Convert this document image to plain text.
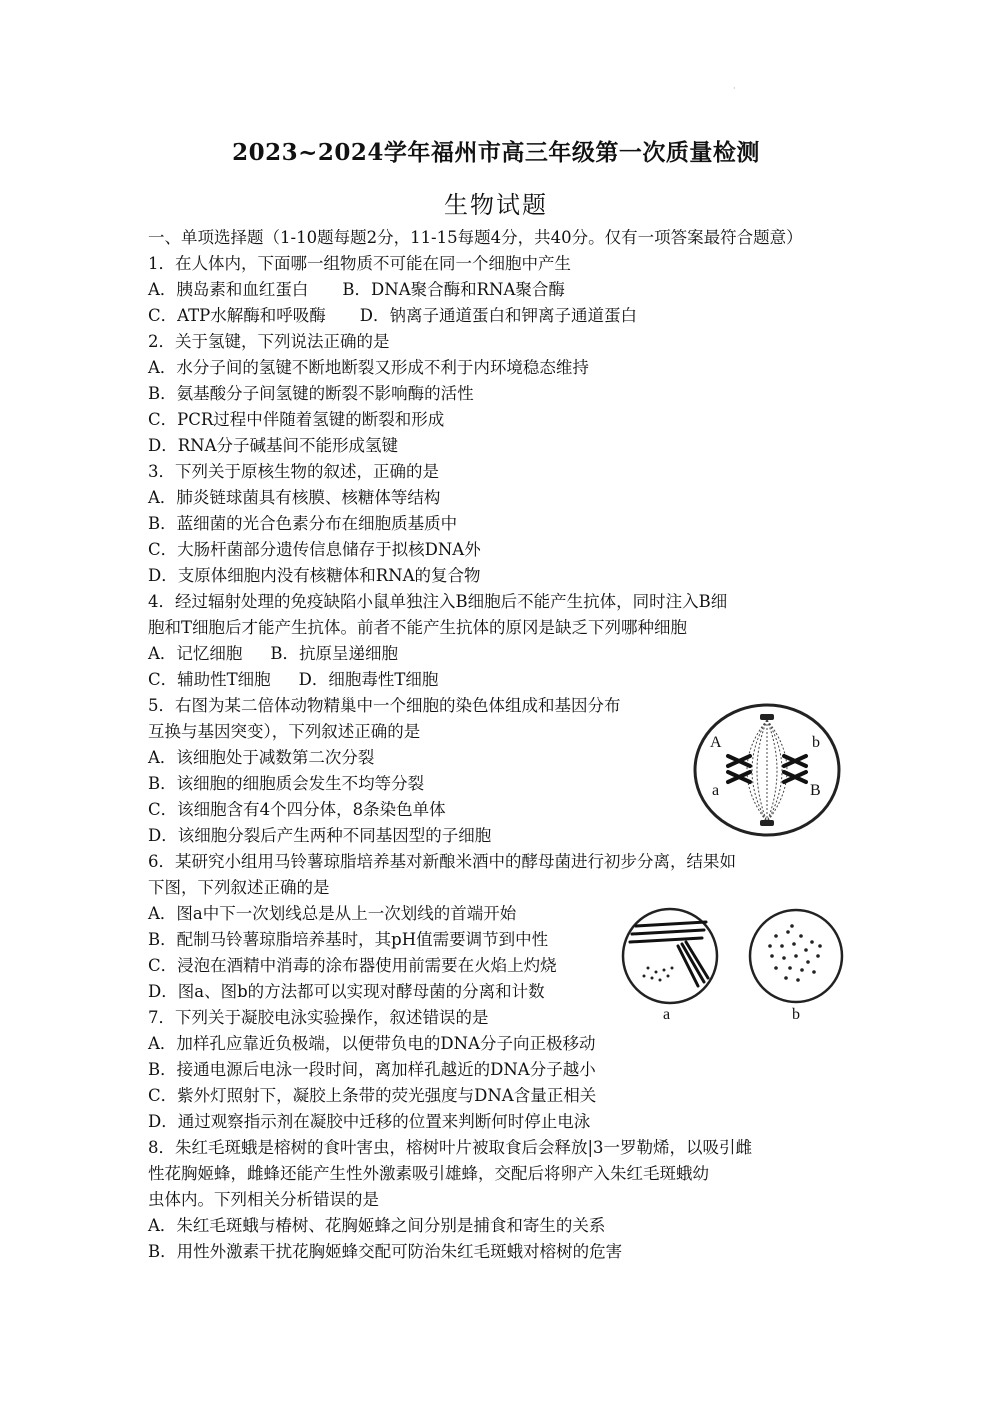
·
2023~2024学年福州市高三年级第一次质量检测
生物试题
一、单项选择题（1-10题每题2分，11-15每题4分，共40分。仅有一项答案最符合题意）
1．在人体内，下面哪一组物质不可能在同一个细胞中产生
A．胰岛素和血红蛋白 B．DNA聚合酶和RNA聚合酶
C．ATP水解酶和呼吸酶 D．钠离子通道蛋白和钾离子通道蛋白
2．关于氢键，下列说法正确的是
A．水分子间的氢键不断地断裂又形成不利于内环境稳态维持
B．氨基酸分子间氢键的断裂不影响酶的活性
C．PCR过程中伴随着氢键的断裂和形成
D．RNA分子碱基间不能形成氢键
3．下列关于原核生物的叙述，正确的是
A．肺炎链球菌具有核膜、核糖体等结构
B．蓝细菌的光合色素分布在细胞质基质中
C．大肠杆菌部分遗传信息储存于拟核DNA外
D．支原体细胞内没有核糖体和RNA的复合物
4．经过辐射处理的免疫缺陷小鼠单独注入B细胞后不能产生抗体，同时注入B细
胞和T细胞后才能产生抗体。前者不能产生抗体的原冈是缺乏下列哪种细胞
A．记忆细胞 B．抗原呈递细胞
C．辅助性T细胞 D．细胞毒性T细胞
5．右图为某二倍体动物精巢中一个细胞的染色体组成和基因分布
互换与基因突变），下列叙述正确的是
A．该细胞处于减数第二次分裂
B．该细胞的细胞质会发生不均等分裂
C．该细胞含有4个四分体，8条染色单体
D．该细胞分裂后产生两种不同基因型的子细胞
A
a
b
B
6．某研究小组用马铃薯琼脂培养基对新酿米酒中的酵母菌进行初步分离，结果如
下图，下列叙述正确的是
A．图a中下一次划线总是从上一次划线的首端开始
B．配制马铃薯琼脂培养基时，其pH值需要调节到中性
C．浸泡在酒精中消毒的涂布器使用前需要在火焰上灼烧
D．图a、图b的方法都可以实现对酵母菌的分离和计数
a	b
7．下列关于凝胶电泳实验操作，叙述错误的是
A．加样孔应靠近负极端，以便带负电的DNA分子向正极移动
B．接通电源后电泳一段时间，离加样孔越近的DNA分子越小
C．紫外灯照射下，凝胶上条带的荧光强度与DNA含量正相关
D．通过观察指示剂在凝胶中迁移的位置来判断何时停止电泳
8．朱红毛斑蛾是榕树的食叶害虫，榕树叶片被取食后会释放|3一罗勒烯，以吸引雌
性花胸姬蜂，雌蜂还能产生性外激素吸引雄蜂，交配后将卵产入朱红毛斑蛾幼
虫体内。下列相关分析错误的是
A．朱红毛斑蛾与椿树、花胸姬蜂之间分别是捕食和寄生的关系
B．用性外激素干扰花胸姬蜂交配可防治朱红毛斑蛾对榕树的危害
